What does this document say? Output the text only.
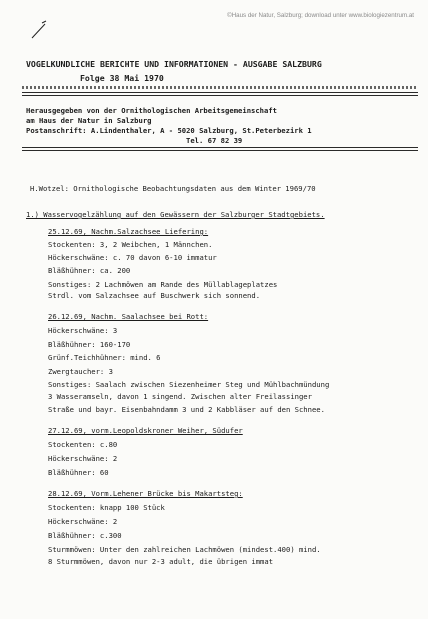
©Haus der Natur, Salzburg; download unter www.biologiezentrum.at
VOGELKUNDLICHE BERICHTE UND INFORMATIONEN - AUSGABE SALZBURG
Folge 38 Mai 1970
Herausgegeben von der Ornithologischen Arbeitsgemeinschaft
am Haus der Natur in Salzburg
Postanschrift: A.Lindenthaler, A - 5020 Salzburg, St.Peterbezirk 1
Tel. 67 82 39
H.Wotzel: Ornithologische Beobachtungsdaten aus dem Winter 1969/70
1.) Wasservogelzählung auf den Gewässern der Salzburger Stadtgebiets.
25.12.69, Nachm.Salzachsee Liefering:
Stockenten: 3, 2 Weibchen, 1 Männchen.
Höckerschwäne: c. 70 davon 6-10 immatur
Bläßhühner: ca. 200
Sonstiges: 2 Lachmöwen am Rande des Müllablageplatzes
Strdl. vom Salzachsee auf Buschwerk sich sonnend.
26.12.69, Nachm. Saalachsee bei Rott:
Höckerschwäne: 3
Bläßhühner: 160-170
Grünf.Teichhühner: mind. 6
Zwergtaucher: 3
Sonstiges: Saalach zwischen Siezenheimer Steg und Mühlbachmündung
3 Wasseramseln, davon 1 singend. Zwischen alter Freilassinger
Straße und bayr. Eisenbahndamm 3 und 2 Kabbläser auf den Schnee.
27.12.69, vorm.Leopoldskroner Weiher, Südufer
Stockenten: c.80
Höckerschwäne: 2
Bläßhühner: 60
28.12.69, Vorm.Lehener Brücke bis Makartsteg:
Stockenten: knapp 100 Stück
Höckerschwäne: 2
Bläßhühner: c.300
Sturmmöwen: Unter den zahlreichen Lachmöwen (mindest.400) mind.
8 Sturmmöwen, davon nur 2-3 adult, die übrigen immat
